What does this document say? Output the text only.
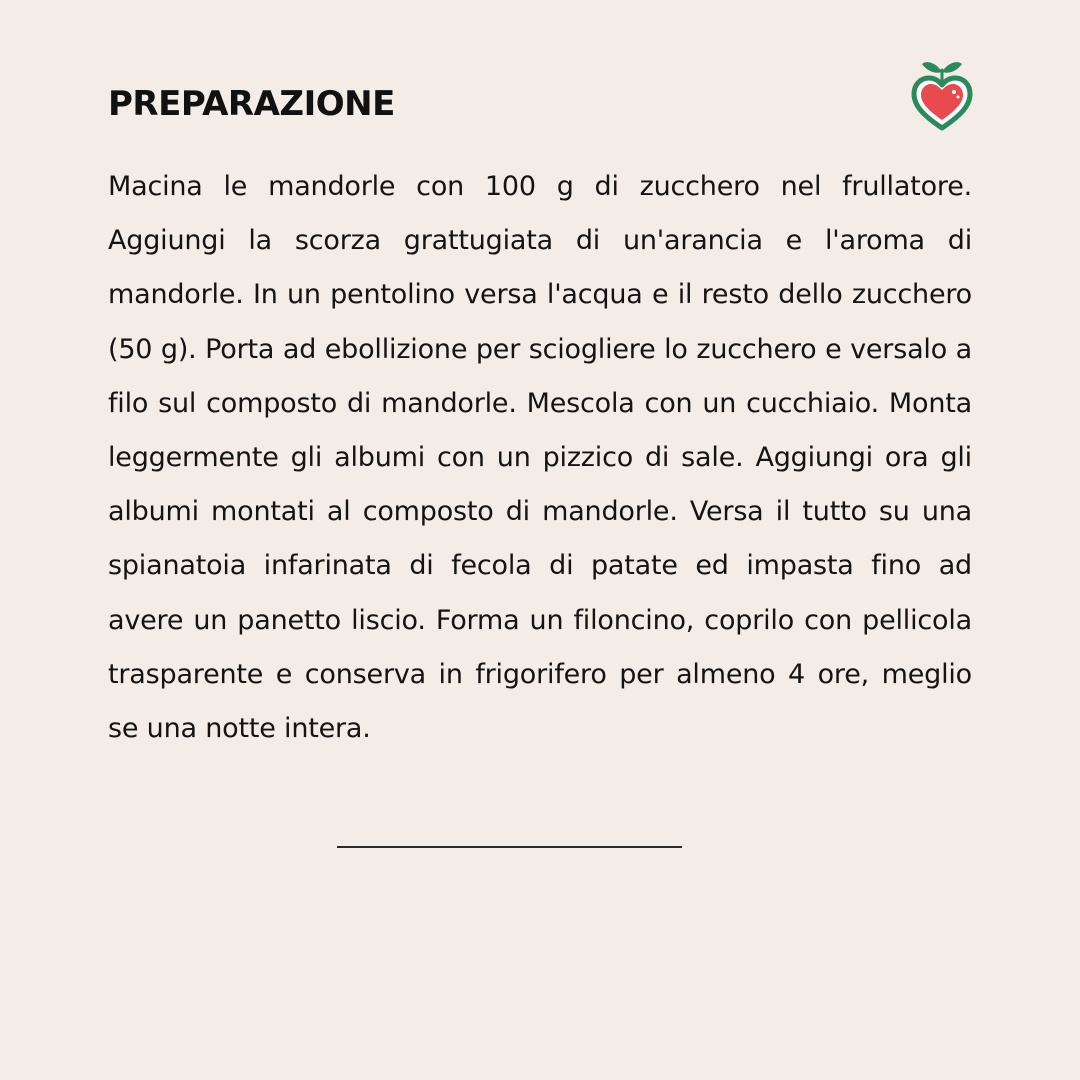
PREPARAZIONE

Macina le mandorle con 100 g di zucchero nel frullatore. Aggiungi la scorza grattugiata di un'arancia e l'aroma di mandorle. In un pentolino versa l'acqua e il resto dello zucchero (50 g). Porta ad ebollizione per sciogliere lo zucchero e versalo a filo sul composto di mandorle. Mescola con un cucchiaio. Monta leggermente gli albumi con un pizzico di sale. Aggiungi ora gli albumi montati al composto di mandorle. Versa il tutto su una spianatoia infarinata di fecola di patate ed impasta fino ad avere un panetto liscio. Forma un filoncino, coprilo con pellicola trasparente e conserva in frigorifero per almeno 4 ore, meglio se una notte intera.
